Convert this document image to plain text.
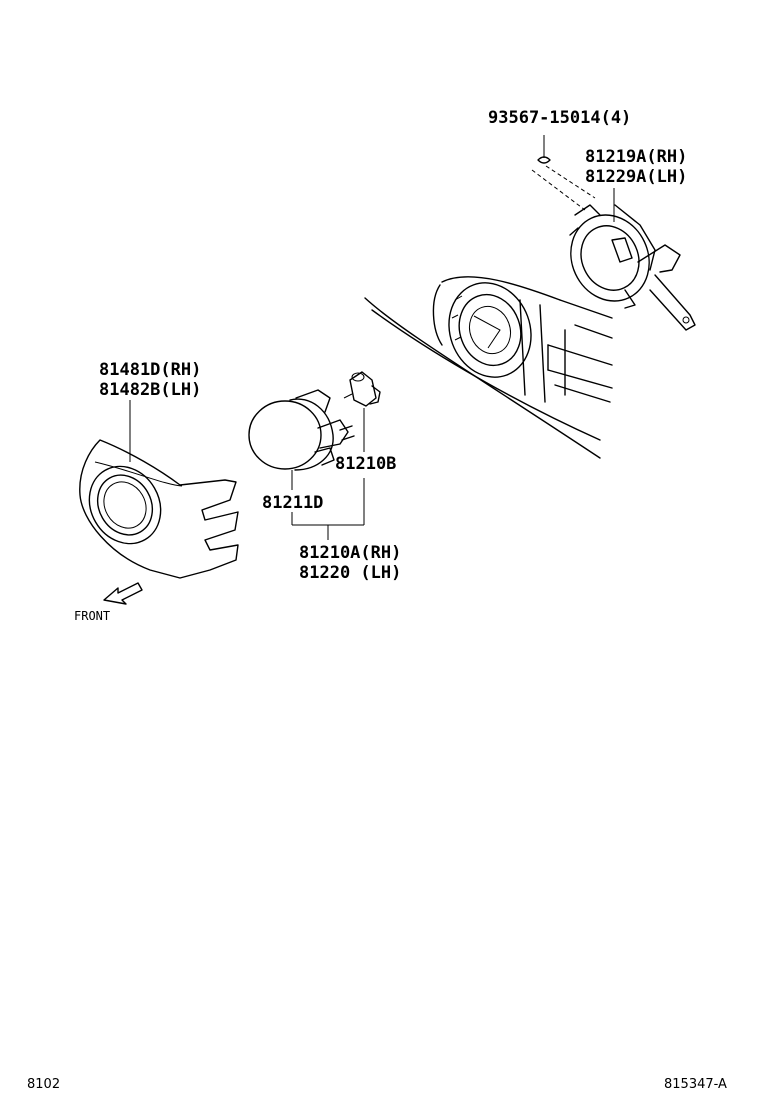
93567-15014(4)
81219A(RH)
81229A(LH)
81481D(RH)
81482B(LH)
81210B
81211D
81210A(RH)
81220 (LH)
FRONT
8102	815347-A
